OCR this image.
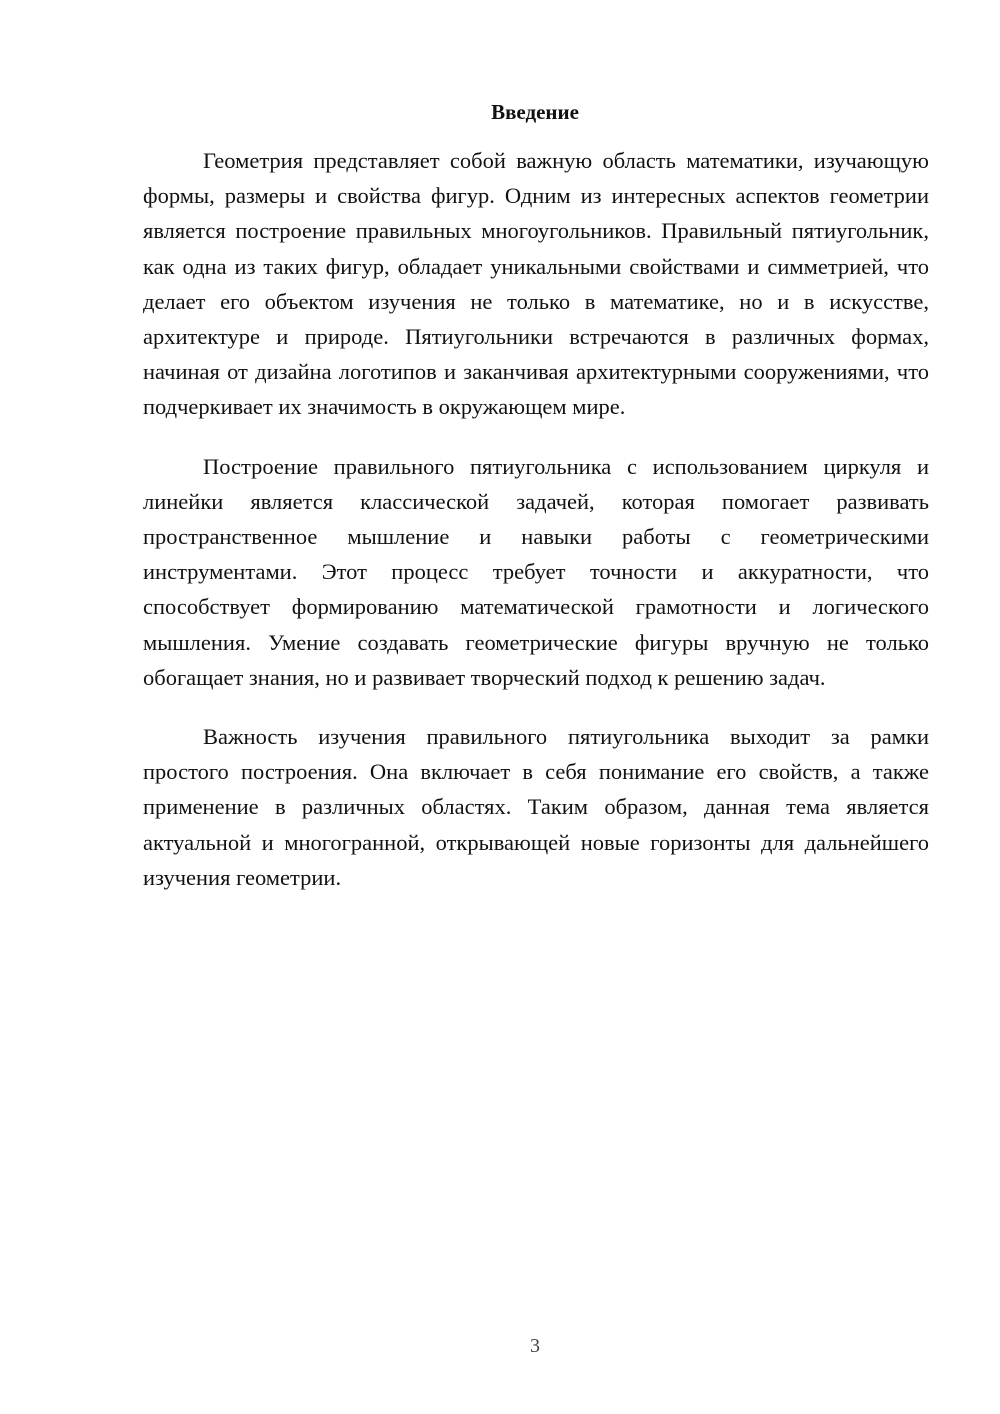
Введение

Геометрия представляет собой важную область математики, изучающую формы, размеры и свойства фигур. Одним из интересных аспектов геометрии является построение правильных многоугольников. Правильный пятиугольник, как одна из таких фигур, обладает уникальными свойствами и симметрией, что делает его объектом изучения не только в математике, но и в искусстве, архитектуре и природе. Пятиугольники встречаются в различных формах, начиная от дизайна логотипов и заканчивая архитектурными сооружениями, что подчеркивает их значимость в окружающем мире.

Построение правильного пятиугольника с использованием циркуля и линейки является классической задачей, которая помогает развивать пространственное мышление и навыки работы с геометрическими инструментами. Этот процесс требует точности и аккуратности, что способствует формированию математической грамотности и логического мышления. Умение создавать геометрические фигуры вручную не только обогащает знания, но и развивает творческий подход к решению задач.

Важность изучения правильного пятиугольника выходит за рамки простого построения. Она включает в себя понимание его свойств, а также применение в различных областях. Таким образом, данная тема является актуальной и многогранной, открывающей новые горизонты для дальнейшего изучения геометрии.

3
